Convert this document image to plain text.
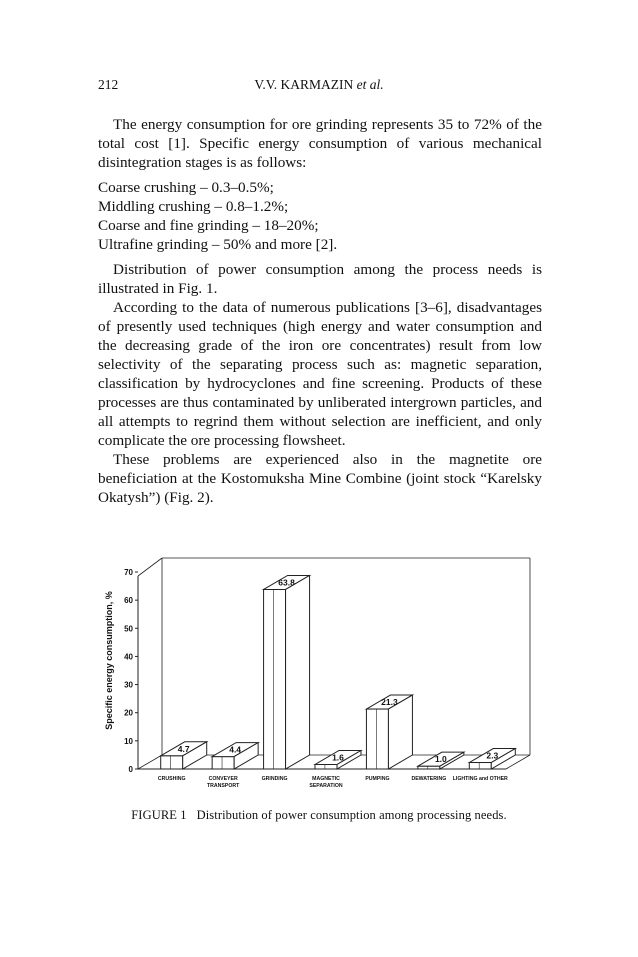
212	V.V. KARMAZIN et al.

The energy consumption for ore grinding represents 35 to 72% of the total cost [1]. Specific energy consumption of various mechanical disintegration stages is as follows:

Coarse crushing – 0.3–0.5%;
Middling crushing – 0.8–1.2%;
Coarse and fine grinding – 18–20%;
Ultrafine grinding – 50% and more [2].

Distribution of power consumption among the process needs is illustrated in Fig. 1.

According to the data of numerous publications [3–6], disadvantages of presently used techniques (high energy and water consumption and the decreasing grade of the iron ore concentrates) result from low selectivity of the separating process such as: magnetic separation, classification by hydrocyclones and fine screening. Products of these processes are thus contaminated by unliberated intergrown particles, and all attempts to regrind them without selection are inefficient, and only complicate the ore processing flowsheet.

These problems are experienced also in the magnetite ore beneficiation at the Kostomuksha Mine Combine (joint stock “Karelsky Okatysh”) (Fig. 2).

0
10
20
30
40
50
60
70
Specific energy consumption, %
4.7
CRUSHING
4.4
CONVEYER TRANSPORT
63.8
GRINDING
1.6
MAGNETIC SEPARATION
21.3
PUMPING
1.0
DEWATERING
2.3
LIGHTING and OTHER
FIGURE 1 Distribution of power consumption among processing needs.
